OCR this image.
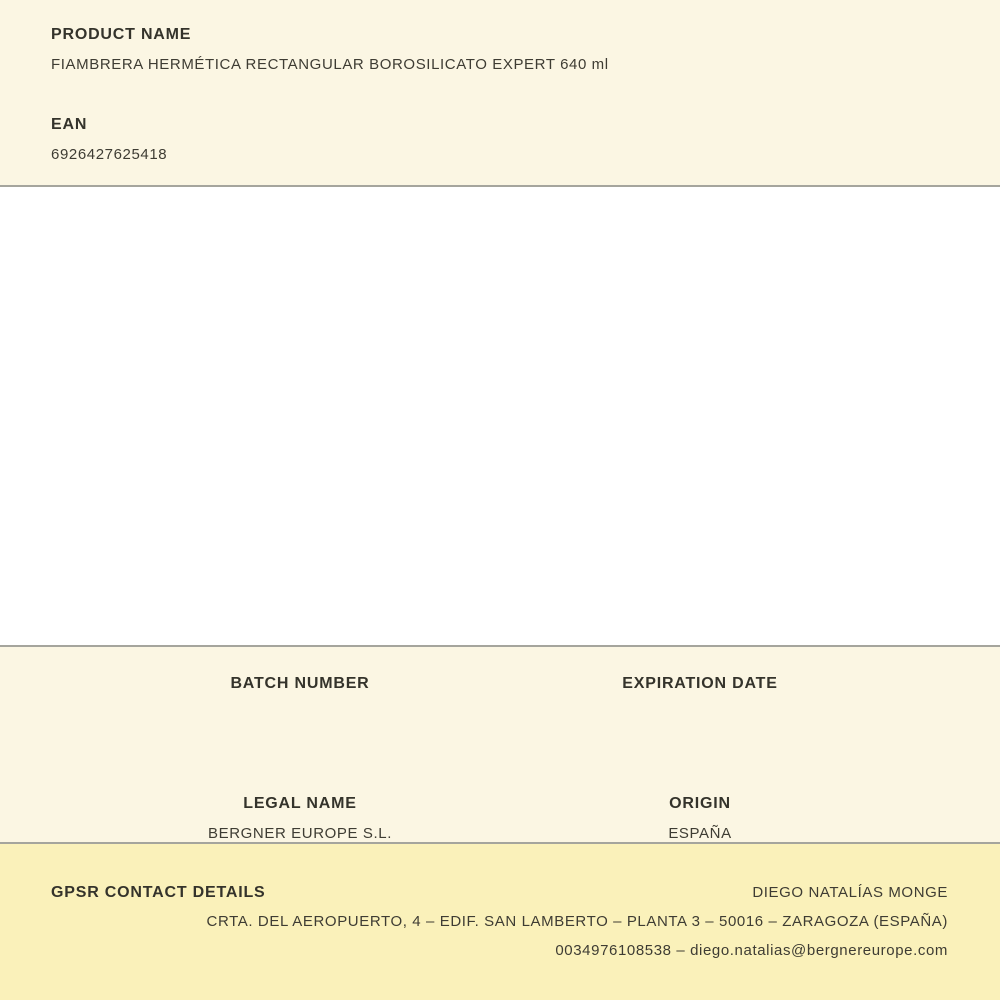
PRODUCT NAME
FIAMBRERA HERMÉTICA RECTANGULAR BOROSILICATO EXPERT 640 ml
EAN
6926427625418
BATCH NUMBER	EXPIRATION DATE
LEGAL NAME
BERGNER EUROPE S.L.
ORIGIN
ESPAÑA
GPSR CONTACT DETAILS	DIEGO NATALÍAS MONGE
CRTA. DEL AEROPUERTO, 4 – EDIF. SAN LAMBERTO – PLANTA 3 – 50016 – ZARAGOZA (ESPAÑA)
0034976108538 – diego.natalias@bergnereurope.com
